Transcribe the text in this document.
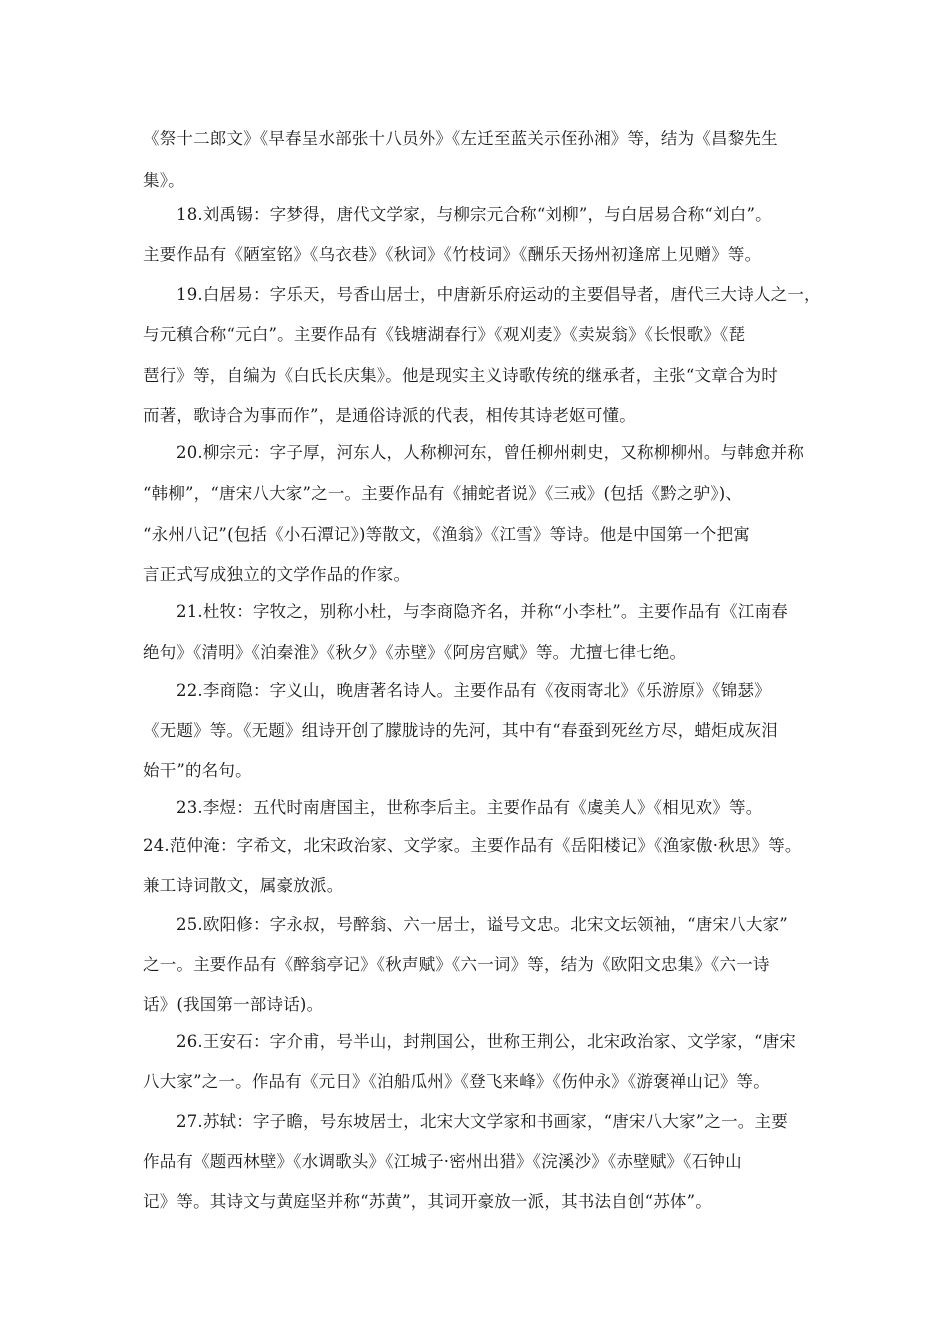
《祭十二郎文》《早春呈水部张十八员外》《左迁至蓝关示侄孙湘》等，结为《昌黎先生
集》。
18.刘禹锡：字梦得，唐代文学家，与柳宗元合称“刘柳”，与白居易合称“刘白”。
主要作品有《陋室铭》《乌衣巷》《秋词》《竹枝词》《酬乐天扬州初逢席上见赠》等。
19.白居易：字乐天，号香山居士，中唐新乐府运动的主要倡导者，唐代三大诗人之一，
与元稹合称“元白”。主要作品有《钱塘湖春行》《观刈麦》《卖炭翁》《长恨歌》《琵
琶行》等，自编为《白氏长庆集》。他是现实主义诗歌传统的继承者，主张“文章合为时
而著，歌诗合为事而作”，是通俗诗派的代表，相传其诗老妪可懂。
20.柳宗元：字子厚，河东人，人称柳河东，曾任柳州刺史，又称柳柳州。与韩愈并称
“韩柳”，“唐宋八大家”之一。主要作品有《捕蛇者说》《三戒》(包括《黔之驴》)、
“永州八记”(包括《小石潭记》)等散文，《渔翁》《江雪》等诗。他是中国第一个把寓
言正式写成独立的文学作品的作家。
21.杜牧：字牧之，别称小杜，与李商隐齐名，并称“小李杜”。主要作品有《江南春
绝句》《清明》《泊秦淮》《秋夕》《赤壁》《阿房宫赋》等。尤擅七律七绝。
22.李商隐：字义山，晚唐著名诗人。主要作品有《夜雨寄北》《乐游原》《锦瑟》
《无题》等。《无题》组诗开创了朦胧诗的先河，其中有“春蚕到死丝方尽，蜡炬成灰泪
始干”的名句。
23.李煜：五代时南唐国主，世称李后主。主要作品有《虞美人》《相见欢》等。
24.范仲淹：字希文，北宋政治家、文学家。主要作品有《岳阳楼记》《渔家傲·秋思》等。
兼工诗词散文，属豪放派。
25.欧阳修：字永叔，号醉翁、六一居士，谥号文忠。北宋文坛领袖，“唐宋八大家”
之一。主要作品有《醉翁亭记》《秋声赋》《六一词》等，结为《欧阳文忠集》《六一诗
话》(我国第一部诗话)。
26.王安石：字介甫，号半山，封荆国公，世称王荆公，北宋政治家、文学家，“唐宋
八大家”之一。作品有《元日》《泊船瓜州》《登飞来峰》《伤仲永》《游褒禅山记》等。
27.苏轼：字子瞻，号东坡居士，北宋大文学家和书画家，“唐宋八大家”之一。主要
作品有《题西林壁》《水调歌头》《江城子·密州出猎》《浣溪沙》《赤壁赋》《石钟山
记》等。其诗文与黄庭坚并称“苏黄”，其词开豪放一派，其书法自创“苏体”。
